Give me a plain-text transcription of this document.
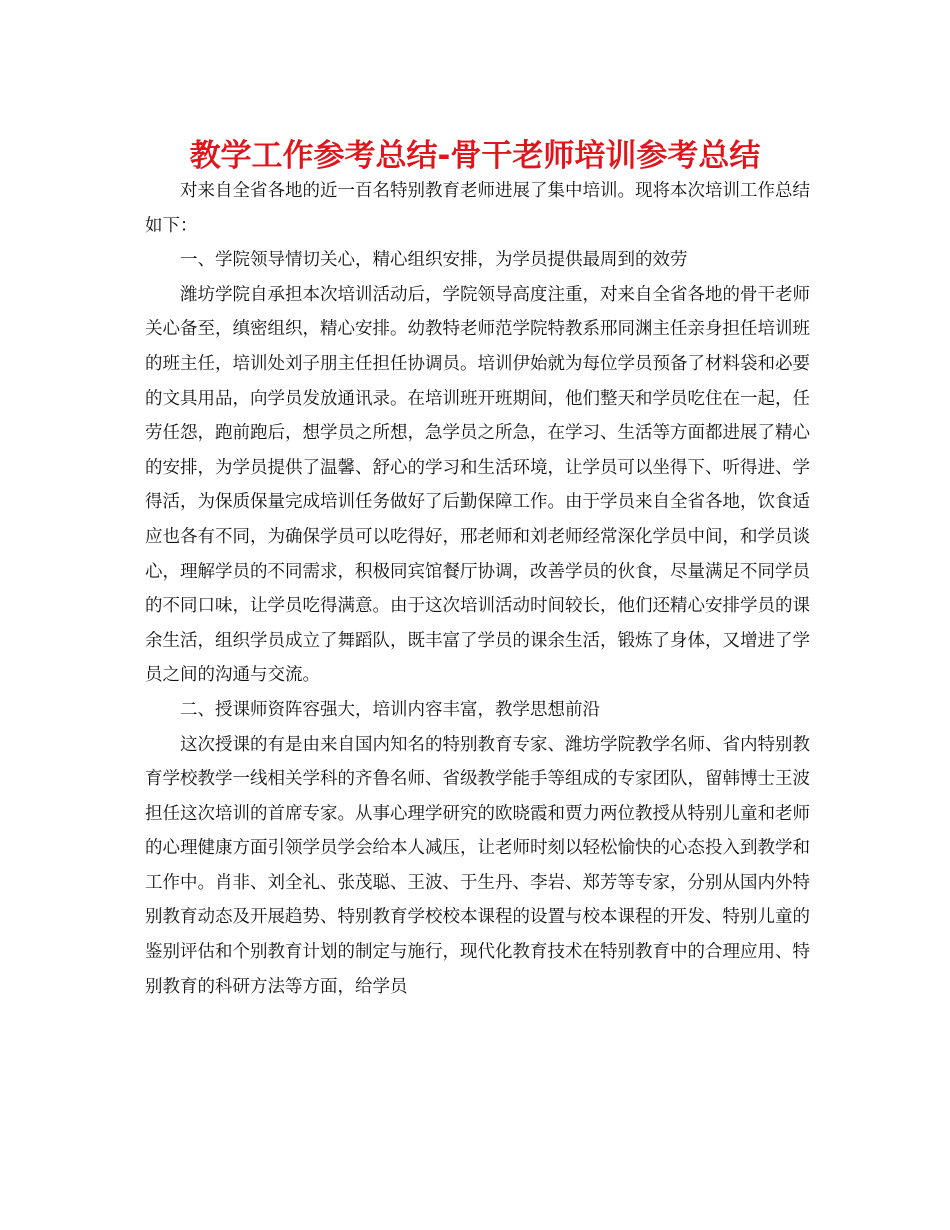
教学工作参考总结-骨干老师培训参考总结

对来自全省各地的近一百名特别教育老师进展了集中培训。现将本次培训工作总结如下：

一、学院领导情切关心，精心组织安排，为学员提供最周到的效劳

潍坊学院自承担本次培训活动后，学院领导高度注重，对来自全省各地的骨干老师关心备至，缜密组织，精心安排。幼教特老师范学院特教系邢同渊主任亲身担任培训班的班主任，培训处刘子朋主任担任协调员。培训伊始就为每位学员预备了材料袋和必要的文具用品，向学员发放通讯录。在培训班开班期间，他们整天和学员吃住在一起，任劳任怨，跑前跑后，想学员之所想，急学员之所急，在学习、生活等方面都进展了精心的安排，为学员提供了温馨、舒心的学习和生活环境，让学员可以坐得下、听得进、学得活，为保质保量完成培训任务做好了后勤保障工作。由于学员来自全省各地，饮食适应也各有不同，为确保学员可以吃得好，邢老师和刘老师经常深化学员中间，和学员谈心，理解学员的不同需求，积极同宾馆餐厅协调，改善学员的伙食，尽量满足不同学员的不同口味，让学员吃得满意。由于这次培训活动时间较长，他们还精心安排学员的课余生活，组织学员成立了舞蹈队，既丰富了学员的课余生活，锻炼了身体，又增进了学员之间的沟通与交流。

二、授课师资阵容强大，培训内容丰富，教学思想前沿

这次授课的有是由来自国内知名的特别教育专家、潍坊学院教学名师、省内特别教育学校教学一线相关学科的齐鲁名师、省级教学能手等组成的专家团队，留韩博士王波担任这次培训的首席专家。从事心理学研究的欧晓霞和贾力两位教授从特别儿童和老师的心理健康方面引领学员学会给本人减压，让老师时刻以轻松愉快的心态投入到教学和工作中。肖非、刘全礼、张茂聪、王波、于生丹、李岩、郑芳等专家，分别从国内外特别教育动态及开展趋势、特别教育学校校本课程的设置与校本课程的开发、特别儿童的鉴别评估和个别教育计划的制定与施行，现代化教育技术在特别教育中的合理应用、特别教育的科研方法等方面，给学员
